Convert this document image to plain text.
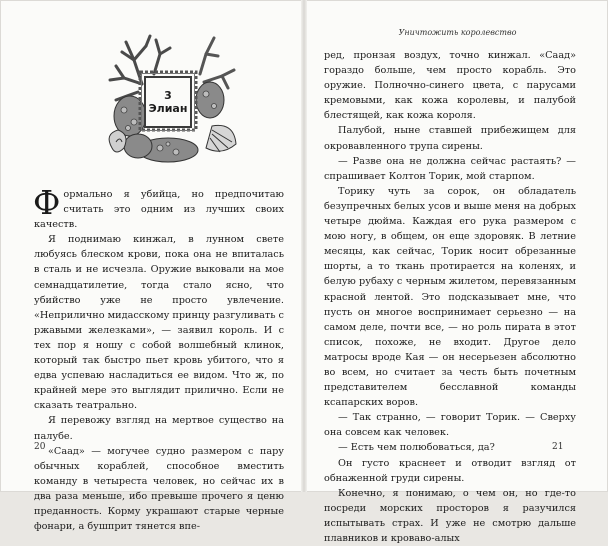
3
Элиан

Формально я убийца, но предпочитаю считать это одним из лучших своих качеств.

Я поднимаю кинжал, в лунном свете любуясь блеском крови, пока она не впиталась в сталь и не исчезла. Оружие выковали на мое семнадцатилетие, тогда стало ясно, что убийство уже не просто увлечение. «Неприлично мидасскому принцу разгуливать с ржавыми железками», — заявил король. И с тех пор я ношу с собой волшебный клинок, который так быстро пьет кровь убитого, что я едва успеваю насладиться ее видом. Что ж, по крайней мере это выглядит прилично. Если не сказать театрально.

Я перевожу взгляд на мертвое существо на палубе.

«Саад» — могучее судно размером с пару обычных кораблей, способное вместить команду в четыреста человек, но сейчас их в два раза меньше, ибо превыше прочего я ценю преданность. Корму украшают старые черные фонари, а бушприт тянется впе-

20
Уничтожить королевство

ред, пронзая воздух, точно кинжал. «Саад» гораздо больше, чем просто корабль. Это оружие. Полночно-синего цвета, с парусами кремовыми, как кожа королевы, и палубой блестящей, как кожа короля.

Палубой, ныне ставшей прибежищем для окровавленного трупа сирены.

— Разве она не должна сейчас растаять? — спрашивает Колтон Торик, мой старпом.

Торику чуть за сорок, он обладатель безупречных белых усов и выше меня на добрых четыре дюйма. Каждая его рука размером с мою ногу, в общем, он еще здоровяк. В летние месяцы, как сейчас, Торик носит обрезанные шорты, а то ткань протирается на коленях, и белую рубаху с черным жилетом, перевязанным красной лентой. Это подсказывает мне, что пусть он многое воспринимает серьезно — на самом деле, почти все, — но роль пирата в этот список, похоже, не входит. Другое дело матросы вроде Кая — он несерьезен абсолютно во всем, но считает за честь быть почетным представителем бесславной команды ксапарских воров.

— Так странно, — говорит Торик. — Сверху она совсем как человек.

— Есть чем полюбоваться, да?

Он густо краснеет и отводит взгляд от обнаженной груди сирены.

Конечно, я понимаю, о чем он, но где-то посреди морских просторов я разучился испытывать страх. И уже не смотрю дальше плавников и кроваво-алых

21
